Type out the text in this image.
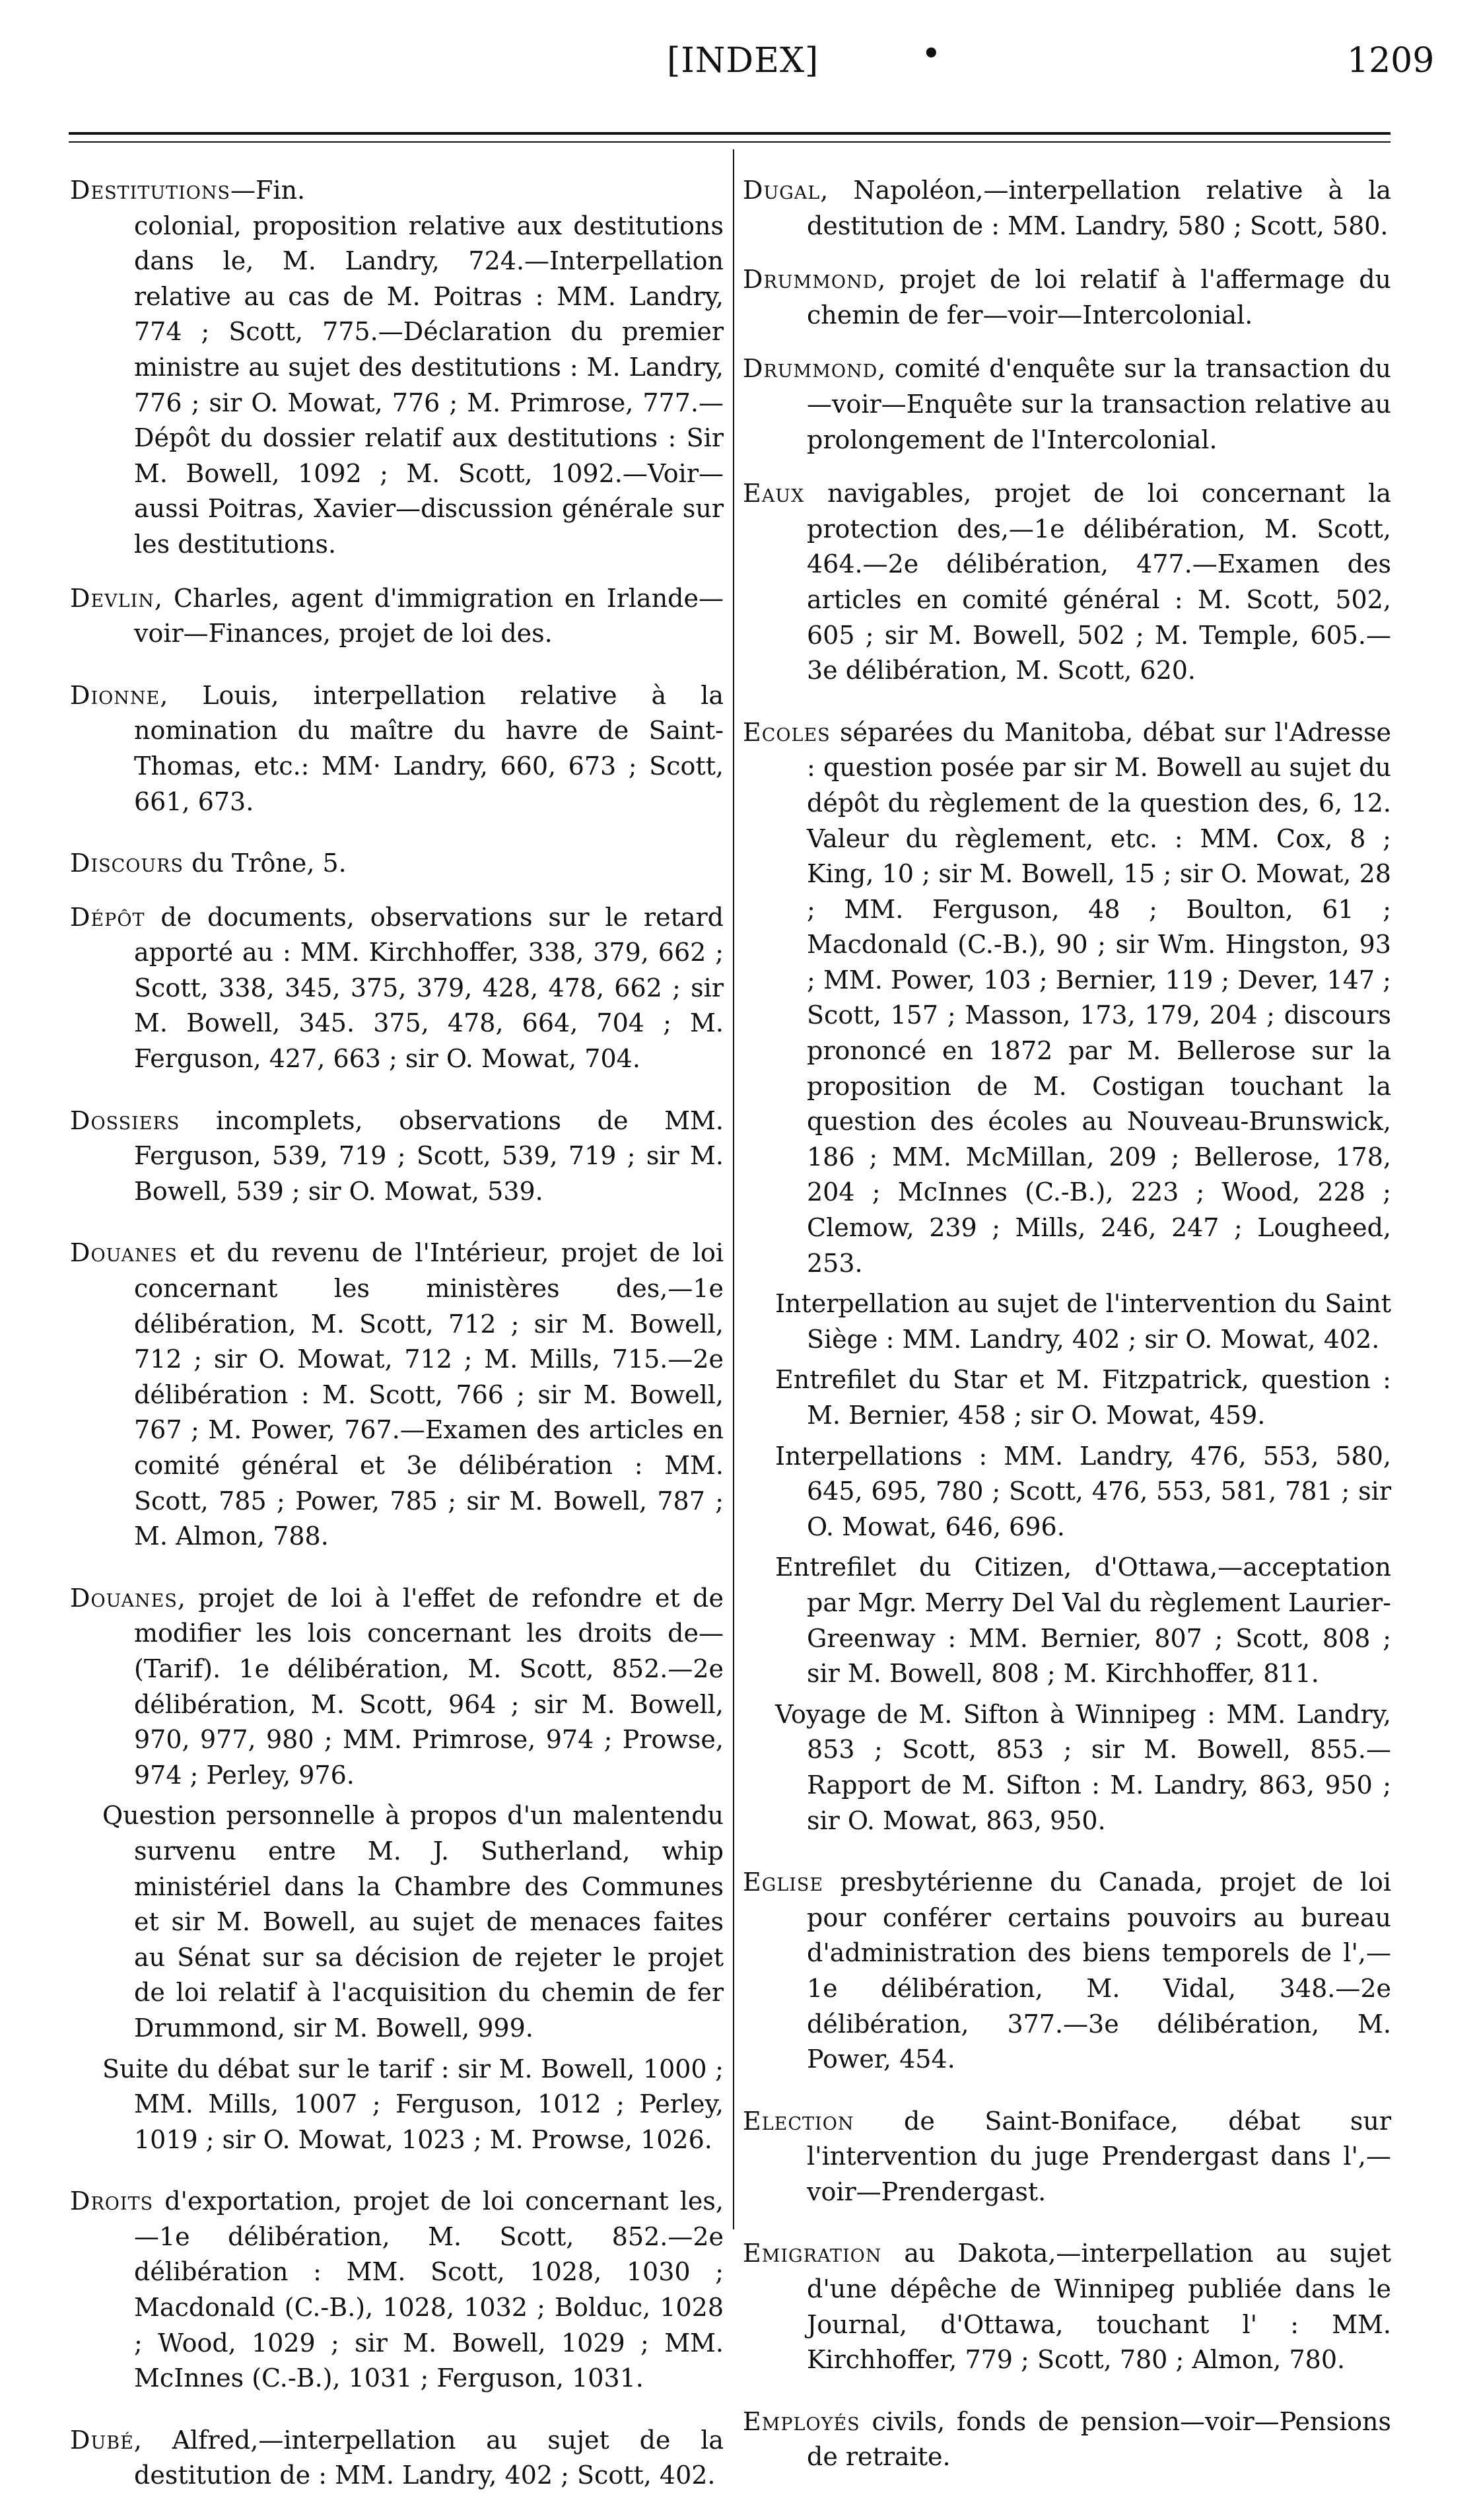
[INDEX]	•	1209
Destitutions—Fin.
colonial, proposition relative aux destitutions dans le, M. Landry, 724.—Interpellation relative au cas de M. Poitras : MM. Landry, 774 ; Scott, 775.—Déclaration du premier ministre au sujet des destitutions : M. Landry, 776 ; sir O. Mowat, 776 ; M. Primrose, 777.—Dépôt du dossier relatif aux destitutions : Sir M. Bowell, 1092 ; M. Scott, 1092.—Voir—aussi Poitras, Xavier—discussion générale sur les destitutions.
Devlin, Charles, agent d'immigration en Irlande—voir—Finances, projet de loi des.
Dionne, Louis, interpellation relative à la nomination du maître du havre de Saint-Thomas, etc.: MM· Landry, 660, 673 ; Scott, 661, 673.
Discours du Trône, 5.
Dépôt de documents, observations sur le retard apporté au : MM. Kirchhoffer, 338, 379, 662 ; Scott, 338, 345, 375, 379, 428, 478, 662 ; sir M. Bowell, 345. 375, 478, 664, 704 ; M. Ferguson, 427, 663 ; sir O. Mowat, 704.
Dossiers incomplets, observations de MM. Ferguson, 539, 719 ; Scott, 539, 719 ; sir M. Bowell, 539 ; sir O. Mowat, 539.
Douanes et du revenu de l'Intérieur, projet de loi concernant les ministères des,—1e délibération, M. Scott, 712 ; sir M. Bowell, 712 ; sir O. Mowat, 712 ; M. Mills, 715.—2e délibération : M. Scott, 766 ; sir M. Bowell, 767 ; M. Power, 767.—Examen des articles en comité général et 3e délibération : MM. Scott, 785 ; Power, 785 ; sir M. Bowell, 787 ; M. Almon, 788.
Douanes, projet de loi à l'effet de refondre et de modifier les lois concernant les droits de—(Tarif). 1e délibération, M. Scott, 852.—2e délibération, M. Scott, 964 ; sir M. Bowell, 970, 977, 980 ; MM. Primrose, 974 ; Prowse, 974 ; Perley, 976.
Question personnelle à propos d'un malentendu survenu entre M. J. Sutherland, whip ministériel dans la Chambre des Communes et sir M. Bowell, au sujet de menaces faites au Sénat sur sa décision de rejeter le projet de loi relatif à l'acquisition du chemin de fer Drummond, sir M. Bowell, 999.
Suite du débat sur le tarif : sir M. Bowell, 1000 ; MM. Mills, 1007 ; Ferguson, 1012 ; Perley, 1019 ; sir O. Mowat, 1023 ; M. Prowse, 1026.
Droits d'exportation, projet de loi concernant les,—1e délibération, M. Scott, 852.—2e délibération : MM. Scott, 1028, 1030 ; Macdonald (C.-B.), 1028, 1032 ; Bolduc, 1028 ; Wood, 1029 ; sir M. Bowell, 1029 ; MM. McInnes (C.-B.), 1031 ; Ferguson, 1031.
Dubé, Alfred,—interpellation au sujet de la destitution de : MM. Landry, 402 ; Scott, 402.
Dugal, Napoléon,—interpellation relative à la destitution de : MM. Landry, 580 ; Scott, 580.
Drummond, projet de loi relatif à l'affermage du chemin de fer—voir—Intercolonial.
Drummond, comité d'enquête sur la transaction du—voir—Enquête sur la transaction relative au prolongement de l'Intercolonial.
Eaux navigables, projet de loi concernant la protection des,—1e délibération, M. Scott, 464.—2e délibération, 477.—Examen des articles en comité général : M. Scott, 502, 605 ; sir M. Bowell, 502 ; M. Temple, 605.—3e délibération, M. Scott, 620.
Ecoles séparées du Manitoba, débat sur l'Adresse : question posée par sir M. Bowell au sujet du dépôt du règlement de la question des, 6, 12. Valeur du règlement, etc. : MM. Cox, 8 ; King, 10 ; sir M. Bowell, 15 ; sir O. Mowat, 28 ; MM. Ferguson, 48 ; Boulton, 61 ; Macdonald (C.-B.), 90 ; sir Wm. Hingston, 93 ; MM. Power, 103 ; Bernier, 119 ; Dever, 147 ; Scott, 157 ; Masson, 173, 179, 204 ; discours prononcé en 1872 par M. Bellerose sur la proposition de M. Costigan touchant la question des écoles au Nouveau-Brunswick, 186 ; MM. McMillan, 209 ; Bellerose, 178, 204 ; McInnes (C.-B.), 223 ; Wood, 228 ; Clemow, 239 ; Mills, 246, 247 ; Lougheed, 253.
Interpellation au sujet de l'intervention du Saint Siège : MM. Landry, 402 ; sir O. Mowat, 402.
Entrefilet du Star et M. Fitzpatrick, question : M. Bernier, 458 ; sir O. Mowat, 459.
Interpellations : MM. Landry, 476, 553, 580, 645, 695, 780 ; Scott, 476, 553, 581, 781 ; sir O. Mowat, 646, 696.
Entrefilet du Citizen, d'Ottawa,—acceptation par Mgr. Merry Del Val du règlement Laurier-Greenway : MM. Bernier, 807 ; Scott, 808 ; sir M. Bowell, 808 ; M. Kirchhoffer, 811.
Voyage de M. Sifton à Winnipeg : MM. Landry, 853 ; Scott, 853 ; sir M. Bowell, 855.—Rapport de M. Sifton : M. Landry, 863, 950 ; sir O. Mowat, 863, 950.
Eglise presbytérienne du Canada, projet de loi pour conférer certains pouvoirs au bureau d'administration des biens temporels de l',—1e délibération, M. Vidal, 348.—2e délibération, 377.—3e délibération, M. Power, 454.
Election de Saint-Boniface, débat sur l'intervention du juge Prendergast dans l',—voir—Prendergast.
Emigration au Dakota,—interpellation au sujet d'une dépêche de Winnipeg publiée dans le Journal, d'Ottawa, touchant l' : MM. Kirchhoffer, 779 ; Scott, 780 ; Almon, 780.
Employés civils, fonds de pension—voir—Pensions de retraite.
